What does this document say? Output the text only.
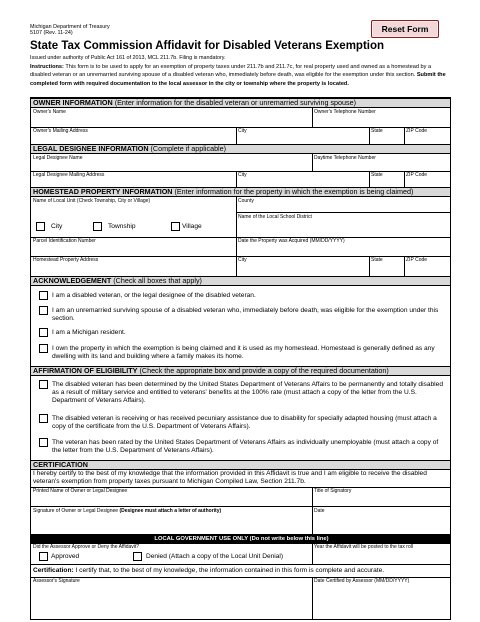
Michigan Department of Treasury
5107 (Rev. 11-24)	Reset Form
State Tax Commission Affidavit for Disabled Veterans Exemption
Issued under authority of Public Act 161 of 2013, MCL 211.7b. Filing is mandatory.
Instructions: This form is to be used to apply for an exemption of property taxes under 211.7b and 211.7c, for real property used and owned as a homestead by a disabled veteran or an unremarried surviving spouse of a disabled veteran who, immediately before death, was eligible for the exemption under this section. Submit the completed form with required documentation to the local assessor in the city or township where the property is located.
OWNER INFORMATION (Enter information for the disabled veteran or unremarried surviving spouse)
Owner's Name	Owner's Telephone Number
Owner's Mailing Address	City	State	ZIP Code
LEGAL DESIGNEE INFORMATION (Complete if applicable)
Legal Designee Name	Daytime Telephone Number
Legal Designee Mailing Address	City	State	ZIP Code
HOMESTEAD PROPERTY INFORMATION (Enter information for the property in which the exemption is being claimed)
Name of Local Unit (Check Township, City or Village)	County
Name of the Local School District
City	Township	Village
Parcel Identification Number	Date the Property was Acquired (MM/DD/YYYY)
Homestead Property Address	City	State	ZIP Code
ACKNOWLEDGEMENT (Check all boxes that apply)
I am a disabled veteran, or the legal designee of the disabled veteran.
I am an unremarried surviving spouse of a disabled veteran who, immediately before death, was eligible for the exemption under this section.
I am a Michigan resident.
I own the property in which the exemption is being claimed and it is used as my homestead. Homestead is generally defined as any dwelling with its land and building where a family makes its home.
AFFIRMATION OF ELIGIBILITY (Check the appropriate box and provide a copy of the required documentation)
The disabled veteran has been determined by the United States Department of Veterans Affairs to be permanently and totally disabled as a result of military service and entitled to veterans' benefits at the 100% rate (must attach a copy of the letter from the U.S. Department of Veterans Affairs).
The disabled veteran is receiving or has received pecuniary assistance due to disability for specially adapted housing (must attach a copy of the certificate from the U.S. Department of Veterans Affairs).
The veteran has been rated by the United States Department of Veterans Affairs as individually unemployable (must attach a copy of the letter from the U.S. Department of Veterans Affairs).
CERTIFICATION
I hereby certify to the best of my knowledge that the information provided in this Affidavit is true and I am eligible to receive the disabled veteran's exemption from property taxes pursuant to Michigan Compiled Law, Section 211.7b.
Printed Name of Owner or Legal Designee	Title of Signatory
Signature of Owner or Legal Designee (Designee must attach a letter of authority)	Date
LOCAL GOVERNMENT USE ONLY (Do not write below this line)
Did the Assessor Approve or Deny the Affidavit?	Year the Affidavit will be posted to the tax roll
Approved	Denied (Attach a copy of the Local Unit Denial)
Certification: I certify that, to the best of my knowledge, the information contained in this form is complete and accurate.
Assessor's Signature	Date Certified by Assessor (MM/DD/YYYY)
